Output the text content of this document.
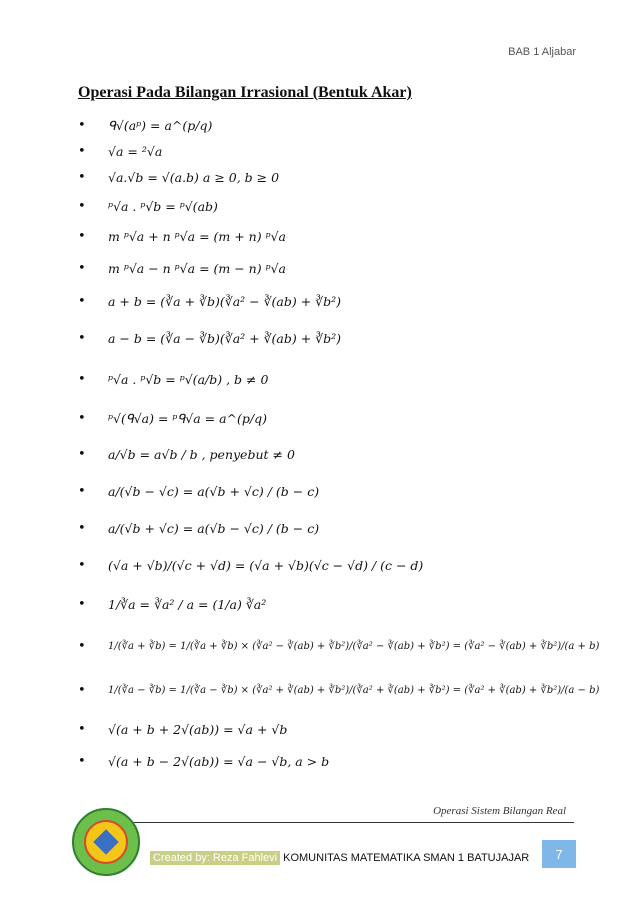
BAB 1 Aljabar
Operasi Pada Bilangan Irrasional (Bentuk Akar)
• ᑫ√(aᵖ) = a^(p/q)
• √a = ²√a
• √a.√b = √(a.b) a ≥ 0, b ≥ 0
• ᵖ√a . ᵖ√b = ᵖ√(ab)
• m ᵖ√a + n ᵖ√a = (m + n) ᵖ√a
• m ᵖ√a − n ᵖ√a = (m − n) ᵖ√a
• a + b = (∛a + ∛b)(∛a² − ∛(ab) + ∛b²)
• a − b = (∛a − ∛b)(∛a² + ∛(ab) + ∛b²)
• ᵖ√a . ᵖ√b = ᵖ√(a/b) , b ≠ 0
• ᵖ√(ᑫ√a) = ᵖᑫ√a = a^(p/q)
• a/√b = a√b / b , penyebut ≠ 0
• a/(√b − √c) = a(√b + √c) / (b − c)
• a/(√b + √c) = a(√b − √c) / (b − c)
• (√a + √b)/(√c + √d) = (√a + √b)(√c − √d) / (c − d)
• 1/∛a = ∛a² / a = (1/a) ∛a²
• 1/(∛a + ∛b) = 1/(∛a + ∛b) × (∛a² − ∛(ab) + ∛b²)/(∛a² − ∛(ab) + ∛b²) = (∛a² − ∛(ab) + ∛b²)/(a + b)
• 1/(∛a − ∛b) = 1/(∛a − ∛b) × (∛a² + ∛(ab) + ∛b²)/(∛a² + ∛(ab) + ∛b²) = (∛a² + ∛(ab) + ∛b²)/(a − b)
• √(a + b + 2√(ab)) = √a + √b
• √(a + b − 2√(ab)) = √a − √b, a > b
Operasi Sistem Bilangan Real
Created by: Reza Fahlevi KOMUNITAS MATEMATIKA SMAN 1 BATUJAJAR	7
